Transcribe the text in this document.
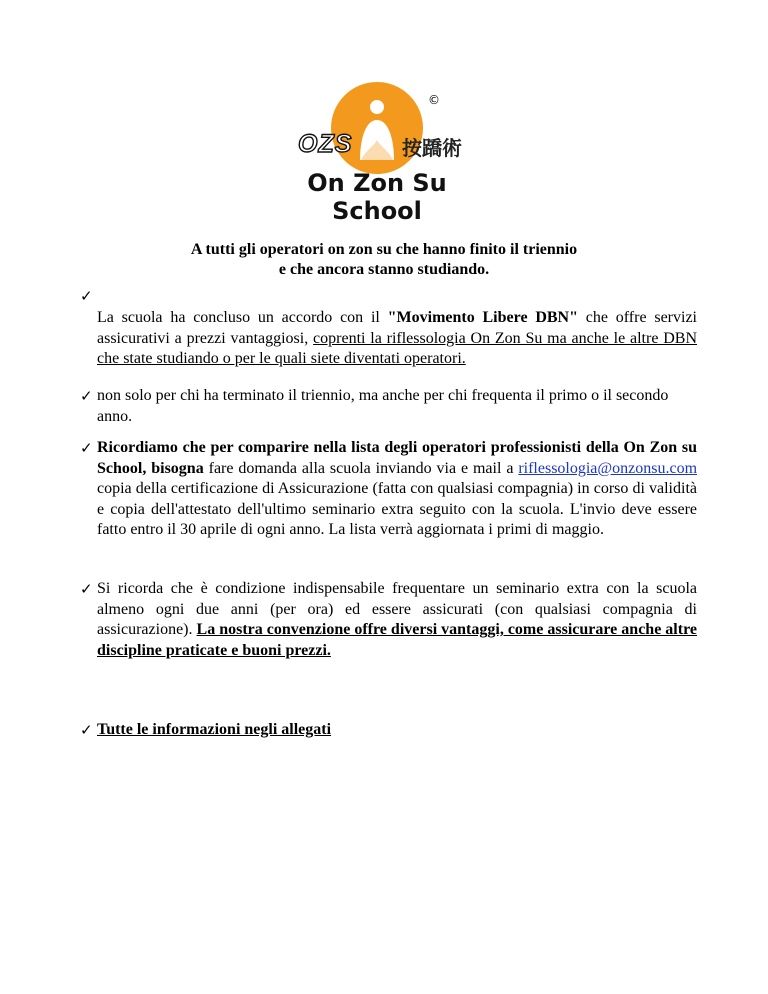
©
OZS 按蹻術
On Zon Su School
A tutti gli operatori on zon su che hanno finito il triennio
e che ancora stanno studiando.
✓
La scuola ha concluso un accordo con il "Movimento Libere DBN" che offre servizi assicurativi a prezzi vantaggiosi, coprenti la riflessologia On Zon Su ma anche le altre DBN che state studiando o per le quali siete diventati operatori.
✓ non solo per chi ha terminato il triennio, ma anche per chi frequenta il primo o il secondo anno.
✓ Ricordiamo che per comparire nella lista degli operatori professionisti della On Zon su School, bisogna fare domanda alla scuola inviando via e mail a riflessologia@onzonsu.com copia della certificazione di Assicurazione (fatta con qualsiasi compagnia) in corso di validità e copia dell'attestato dell'ultimo seminario extra seguito con la scuola. L'invio deve essere fatto entro il 30 aprile di ogni anno. La lista verrà aggiornata i primi di maggio.
✓ Si ricorda che è condizione indispensabile frequentare un seminario extra con la scuola almeno ogni due anni (per ora) ed essere assicurati (con qualsiasi compagnia di assicurazione). La nostra convenzione offre diversi vantaggi, come assicurare anche altre discipline praticate e buoni prezzi.
✓ Tutte le informazioni negli allegati
